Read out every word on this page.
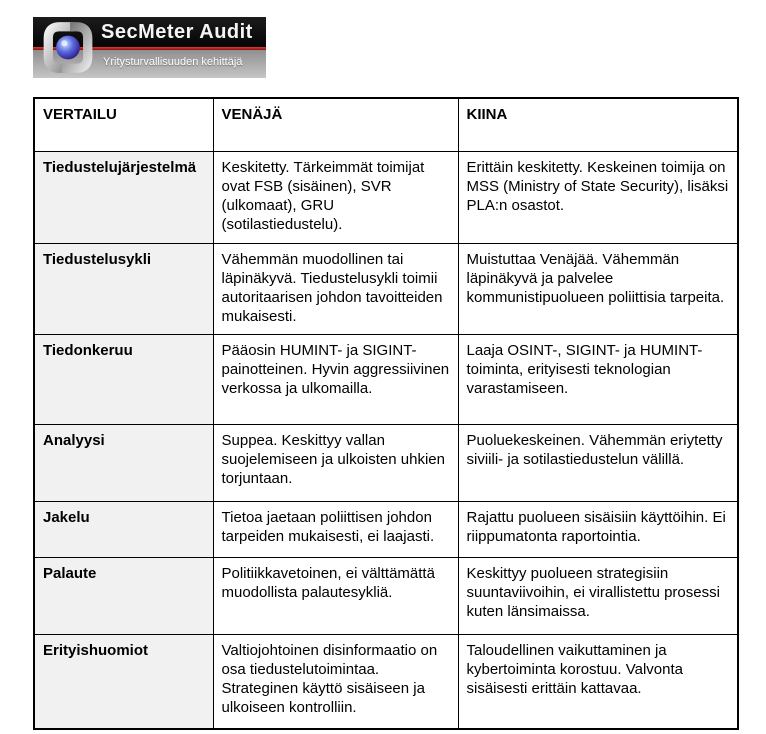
SecMeter Audit
Yritysturvallisuuden kehittäjä
VERTAILU	VENÄJÄ	KIINA
Tiedustelujärjestelmä	Keskitetty. Tärkeimmät toimijat ovat FSB (sisäinen), SVR (ulkomaat), GRU (sotilastiedustelu).	Erittäin keskitetty. Keskeinen toimija on MSS (Ministry of State Security), lisäksi PLA:n osastot.
Tiedustelusykli	Vähemmän muodollinen tai läpinäkyvä. Tiedustelusykli toimii autoritaarisen johdon tavoitteiden mukaisesti.	Muistuttaa Venäjää. Vähemmän läpinäkyvä ja palvelee kommunistipuolueen poliittisia tarpeita.
Tiedonkeruu	Pääosin HUMINT- ja SIGINT-painotteinen. Hyvin aggressiivinen verkossa ja ulkomailla.	Laaja OSINT-, SIGINT- ja HUMINT-toiminta, erityisesti teknologian varastamiseen.
Analyysi	Suppea. Keskittyy vallan suojelemiseen ja ulkoisten uhkien torjuntaan.	Puoluekeskeinen. Vähemmän eriytetty siviili- ja sotilastiedustelun välillä.
Jakelu	Tietoa jaetaan poliittisen johdon tarpeiden mukaisesti, ei laajasti.	Rajattu puolueen sisäisiin käyttöihin. Ei riippumatonta raportointia.
Palaute	Politiikkavetoinen, ei välttämättä muodollista palautesykliä.	Keskittyy puolueen strategisiin suuntaviivoihin, ei virallistettu prosessi kuten länsimaissa.
Erityishuomiot	Valtiojohtoinen disinformaatio on osa tiedustelutoimintaa. Strateginen käyttö sisäiseen ja ulkoiseen kontrolliin.	Taloudellinen vaikuttaminen ja kybertoiminta korostuu. Valvonta sisäisesti erittäin kattavaa.
